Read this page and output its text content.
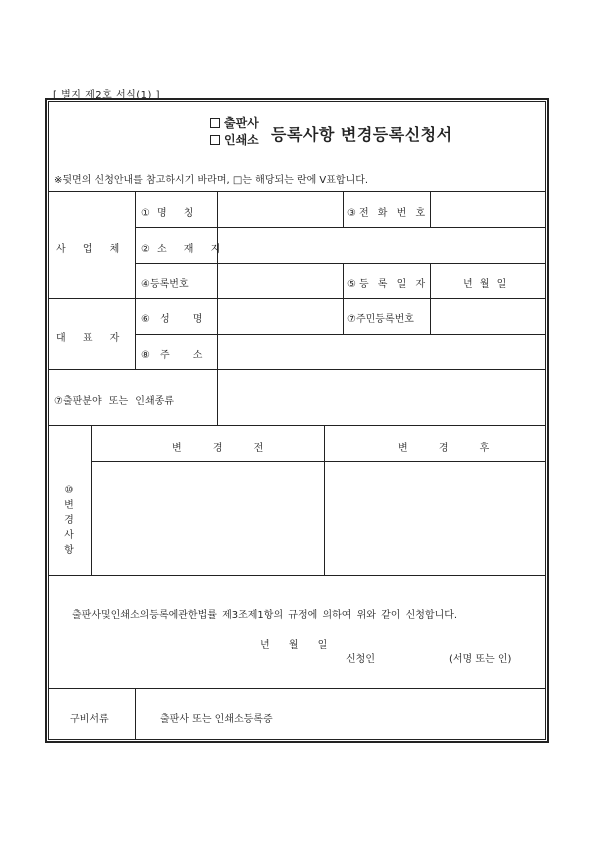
[ 별지 제2호 서식(1) ]
출판사
인쇄소 등록사항 변경등록신청서
※뒷면의 신청안내를 참고하시기 바라며, □는 해당되는 란에 V표합니다.
사 업 체
①명 칭	③전 화 번 호
②소 재 지
④등록번호	⑤등 록 일 자	년 월 일
대 표 자
⑥성 명	⑦주민등록번호
⑧주 소
⑦출판분야 또는 인쇄종류
⑩
변
경
사
항
변 경 전	변 경 후
출판사및인쇄소의등록에관한법률 제3조제1항의 규정에 의하여 위와 같이 신청합니다.
년 월 일
신청인	(서명 또는 인)
구비서류	출판사 또는 인쇄소등록증
